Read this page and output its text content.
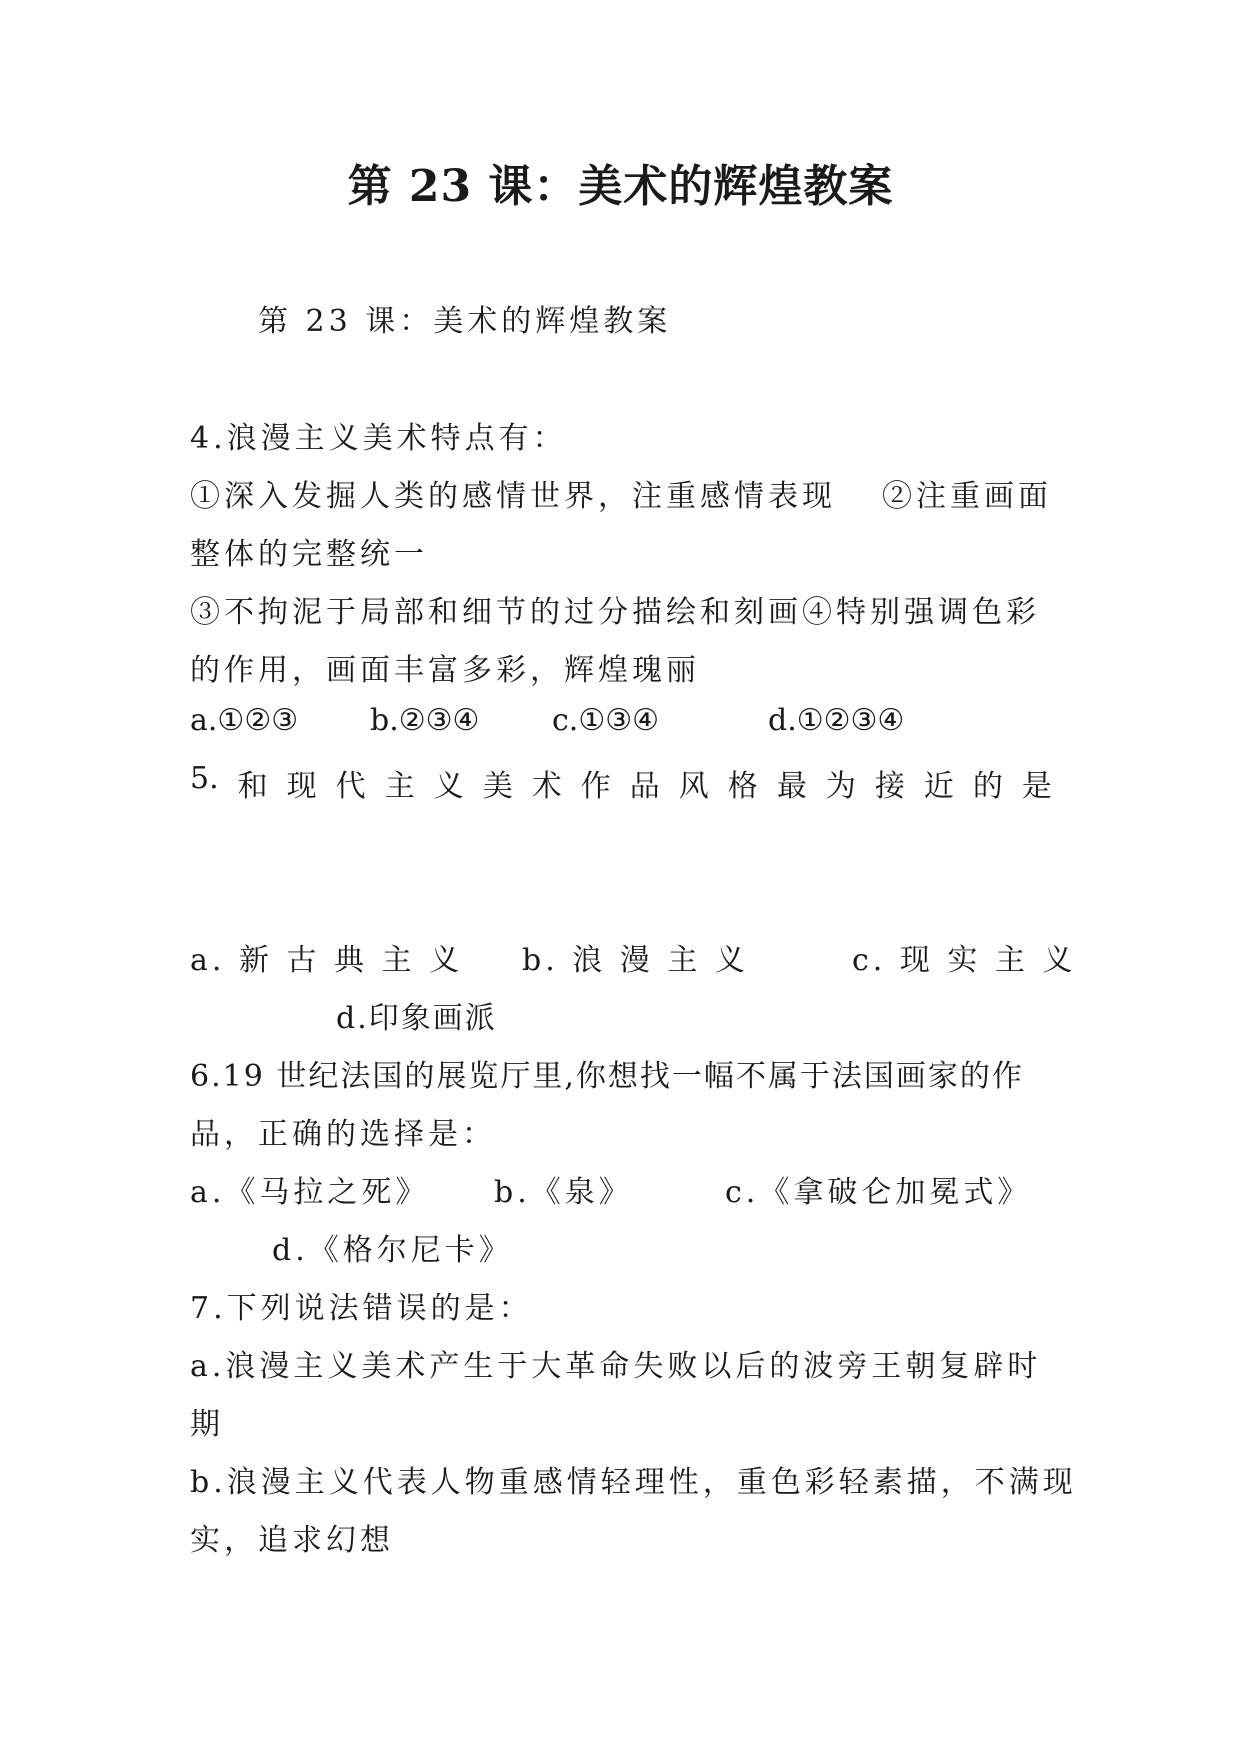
第 23 课：美术的辉煌教案
第 23 课：美术的辉煌教案
4.浪漫主义美术特点有：
①深入发掘人类的感情世界，注重感情表现 ②注重画面
整体的完整统一
③不拘泥于局部和细节的过分描绘和刻画④特别强调色彩
的作用，画面丰富多彩，辉煌瑰丽
a.①②③ b.②③④ c.①③④	d.①②③④
5. 和 现 代 主 义 美 术 作 品 风 格 最 为 接 近 的 是
a. 新 古 典 主 义 b. 浪 漫 主 义	c. 现 实 主 义
d.印象画派
6.19 世纪法国的展览厅里,你想找一幅不属于法国画家的作
品，正确的选择是：
a.《马拉之死》 b.《泉》	c.《拿破仑加冕式》
d.《格尔尼卡》
7.下列说法错误的是：
a.浪漫主义美术产生于大革命失败以后的波旁王朝复辟时
期
b.浪漫主义代表人物重感情轻理性，重色彩轻素描，不满现
实，追求幻想
